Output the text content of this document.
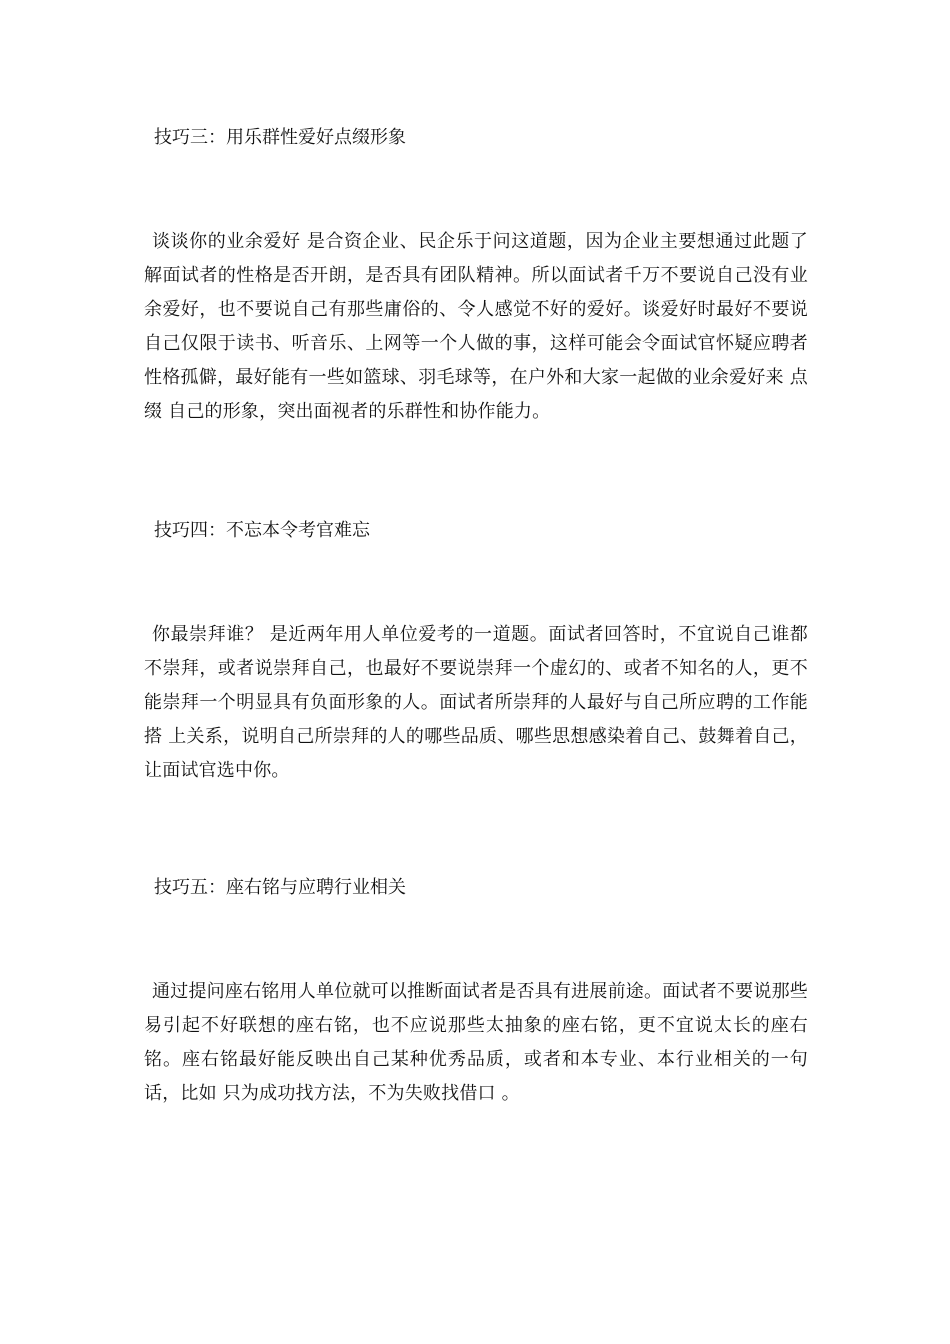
技巧三：用乐群性爱好点缀形象
谈谈你的业余爱好 是合资企业、民企乐于问这道题，因为企业主要想通过此题了解面试者的性格是否开朗，是否具有团队精神。所以面试者千万不要说自己没有业余爱好，也不要说自己有那些庸俗的、令人感觉不好的爱好。谈爱好时最好不要说自己仅限于读书、听音乐、上网等一个人做的事，这样可能会令面试官怀疑应聘者性格孤僻，最好能有一些如篮球、羽毛球等，在户外和大家一起做的业余爱好来 点缀 自己的形象，突出面视者的乐群性和协作能力。
技巧四：不忘本令考官难忘
你最崇拜谁？ 是近两年用人单位爱考的一道题。面试者回答时，不宜说自己谁都不崇拜，或者说崇拜自己，也最好不要说崇拜一个虚幻的、或者不知名的人，更不能崇拜一个明显具有负面形象的人。面试者所崇拜的人最好与自己所应聘的工作能 搭 上关系，说明自己所崇拜的人的哪些品质、哪些思想感染着自己、鼓舞着自己，让面试官选中你。
技巧五：座右铭与应聘行业相关
通过提问座右铭用人单位就可以推断面试者是否具有进展前途。面试者不要说那些易引起不好联想的座右铭，也不应说那些太抽象的座右铭，更不宜说太长的座右铭。座右铭最好能反映出自己某种优秀品质，或者和本专业、本行业相关的一句话，比如 只为成功找方法，不为失败找借口 。
